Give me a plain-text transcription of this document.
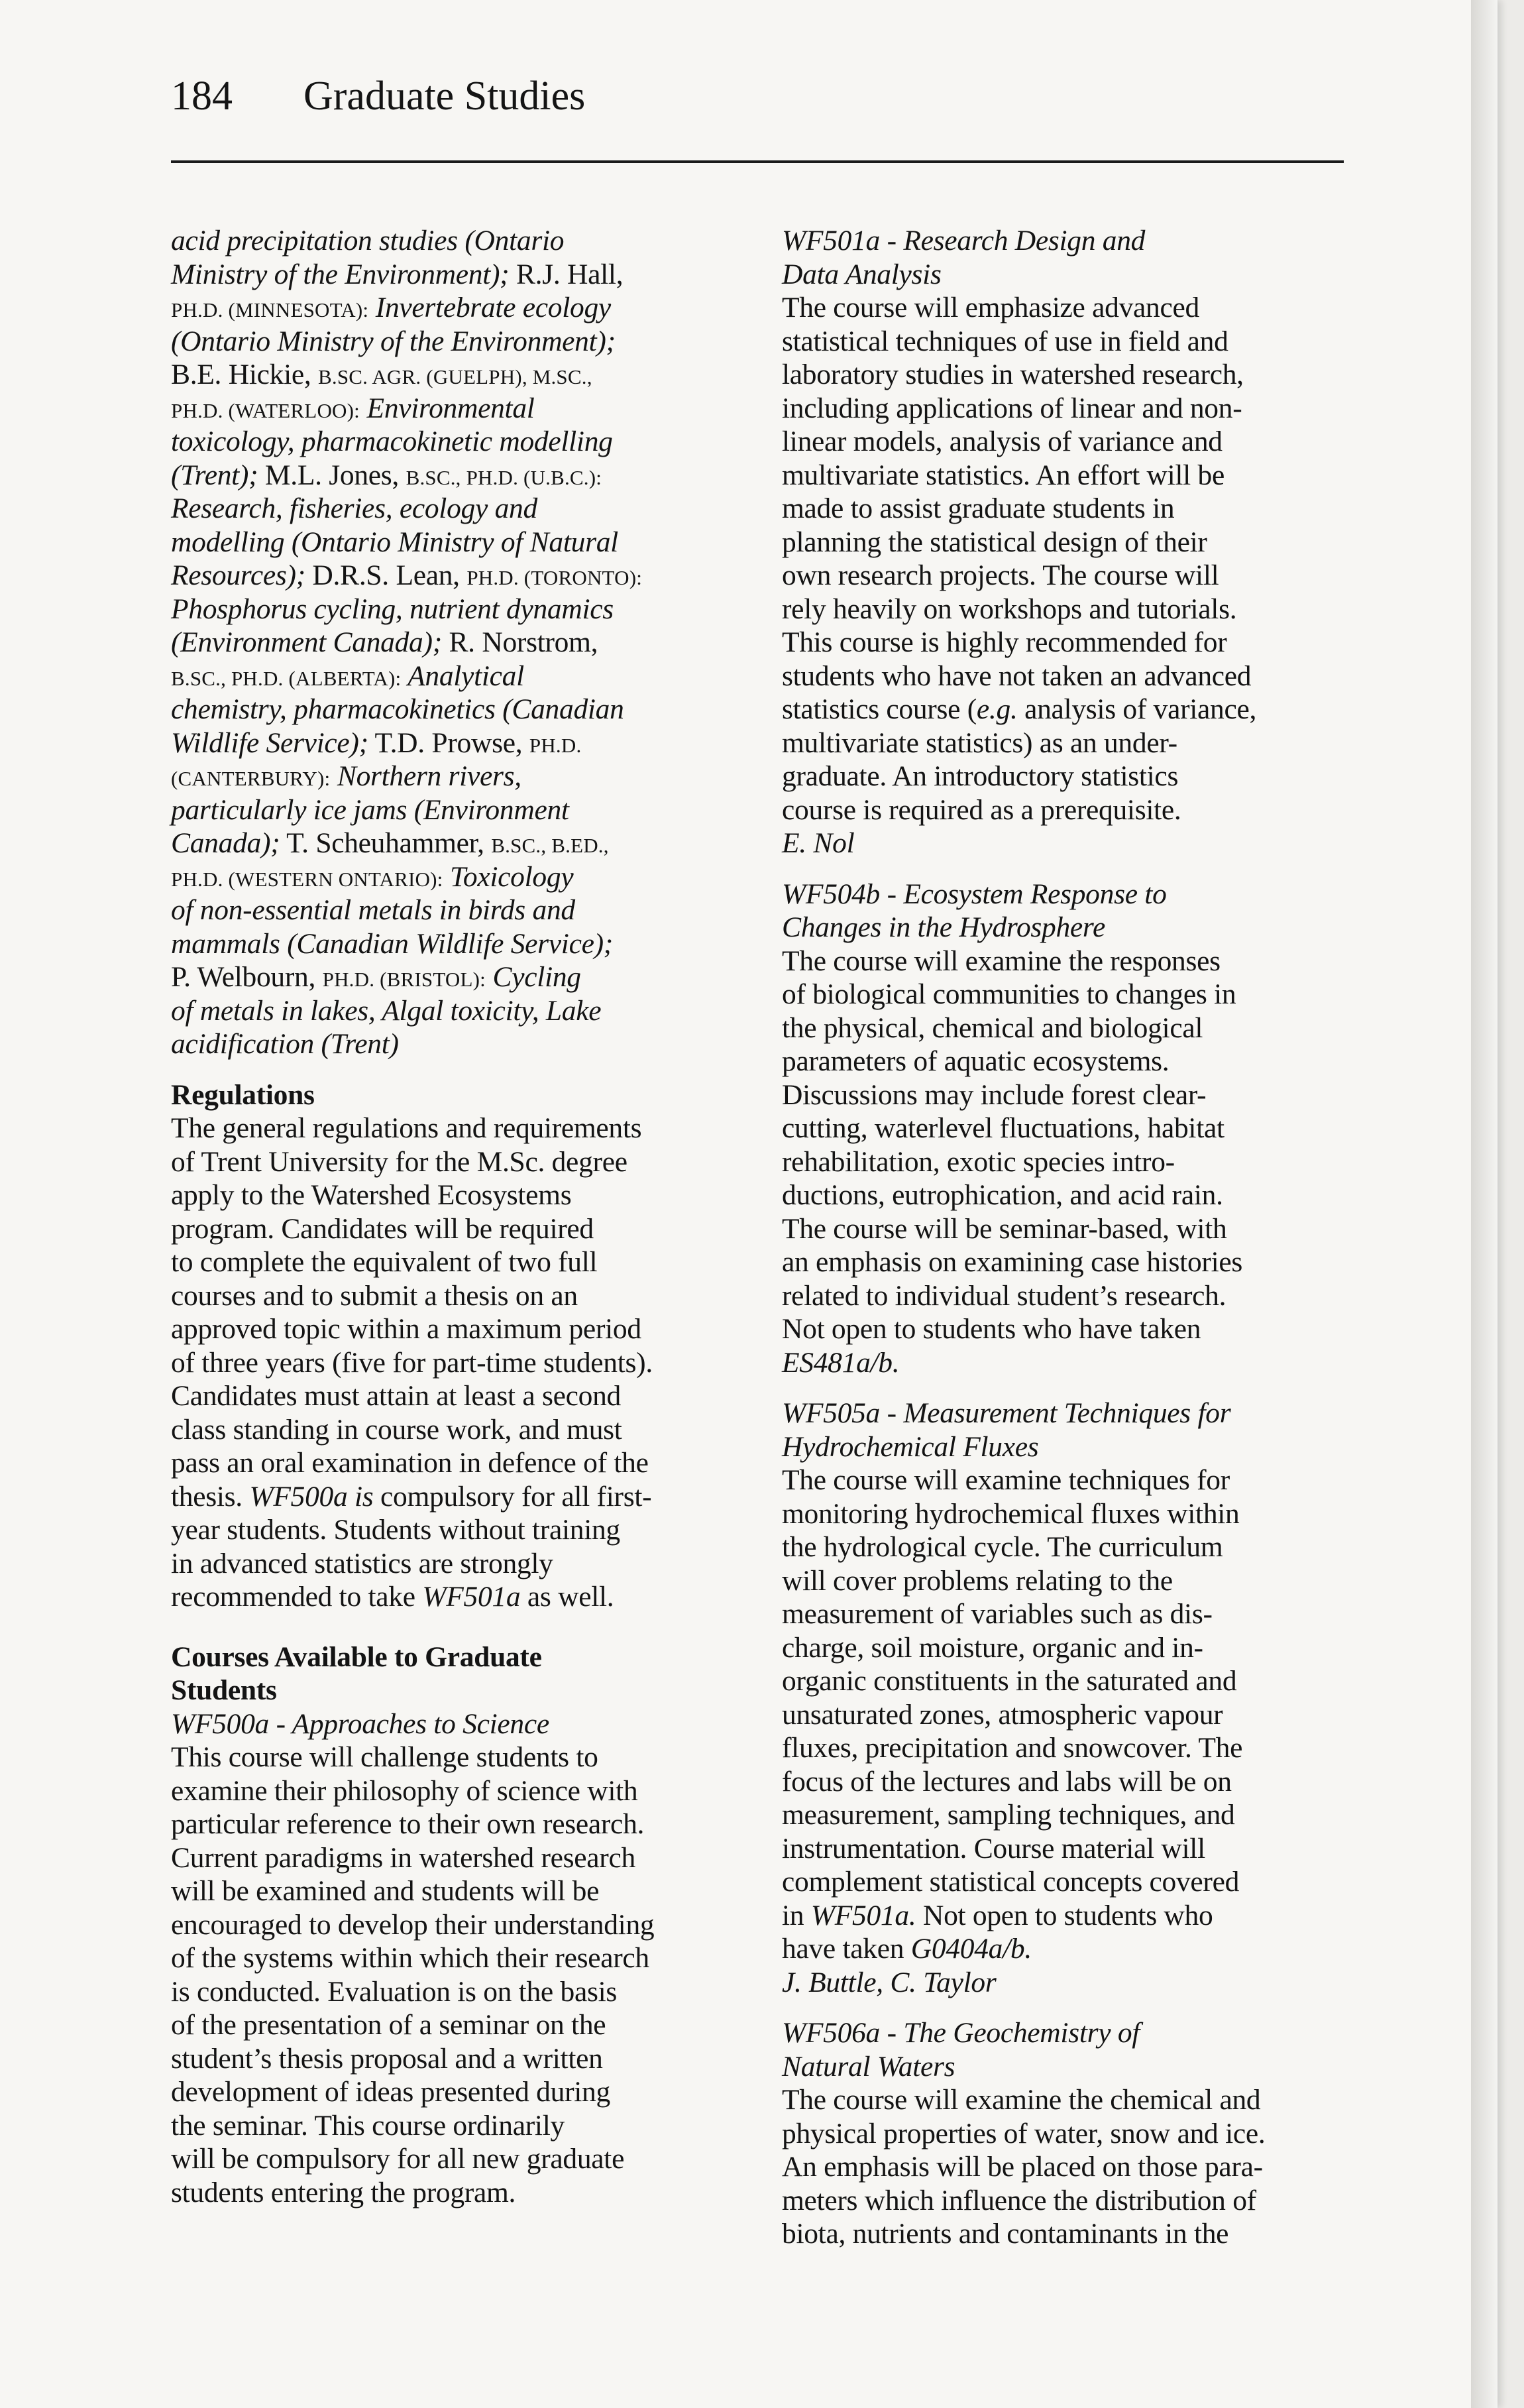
184 Graduate Studies
acid precipitation studies (Ontario
Ministry of the Environment); R.J. Hall,
PH.D. (MINNESOTA): Invertebrate ecology
(Ontario Ministry of the Environment);
B.E. Hickie, B.SC. AGR. (GUELPH), M.SC.,
PH.D. (WATERLOO): Environmental
toxicology, pharmacokinetic modelling
(Trent); M.L. Jones, B.SC., PH.D. (U.B.C.):
Research, fisheries, ecology and
modelling (Ontario Ministry of Natural
Resources); D.R.S. Lean, PH.D. (TORONTO):
Phosphorus cycling, nutrient dynamics
(Environment Canada); R. Norstrom,
B.SC., PH.D. (ALBERTA): Analytical
chemistry, pharmacokinetics (Canadian
Wildlife Service); T.D. Prowse, PH.D.
(CANTERBURY): Northern rivers,
particularly ice jams (Environment
Canada); T. Scheuhammer, B.SC., B.ED.,
PH.D. (WESTERN ONTARIO): Toxicology
of non-essential metals in birds and
mammals (Canadian Wildlife Service);
P. Welbourn, PH.D. (BRISTOL): Cycling
of metals in lakes, Algal toxicity, Lake
acidification (Trent)
Regulations
The general regulations and requirements
of Trent University for the M.Sc. degree
apply to the Watershed Ecosystems
program. Candidates will be required
to complete the equivalent of two full
courses and to submit a thesis on an
approved topic within a maximum period
of three years (five for part-time students).
Candidates must attain at least a second
class standing in course work, and must
pass an oral examination in defence of the
thesis. WF500a is compulsory for all first-
year students. Students without training
in advanced statistics are strongly
recommended to take WF501a as well.
Courses Available to Graduate
Students
WF500a - Approaches to Science
This course will challenge students to
examine their philosophy of science with
particular reference to their own research.
Current paradigms in watershed research
will be examined and students will be
encouraged to develop their understanding
of the systems within which their research
is conducted. Evaluation is on the basis
of the presentation of a seminar on the
student’s thesis proposal and a written
development of ideas presented during
the seminar. This course ordinarily
will be compulsory for all new graduate
students entering the program.
WF501a - Research Design and
Data Analysis
The course will emphasize advanced
statistical techniques of use in field and
laboratory studies in watershed research,
including applications of linear and non-
linear models, analysis of variance and
multivariate statistics. An effort will be
made to assist graduate students in
planning the statistical design of their
own research projects. The course will
rely heavily on workshops and tutorials.
This course is highly recommended for
students who have not taken an advanced
statistics course (e.g. analysis of variance,
multivariate statistics) as an under-
graduate. An introductory statistics
course is required as a prerequisite.
E. Nol
WF504b - Ecosystem Response to
Changes in the Hydrosphere
The course will examine the responses
of biological communities to changes in
the physical, chemical and biological
parameters of aquatic ecosystems.
Discussions may include forest clear-
cutting, waterlevel fluctuations, habitat
rehabilitation, exotic species intro-
ductions, eutrophication, and acid rain.
The course will be seminar-based, with
an emphasis on examining case histories
related to individual student’s research.
Not open to students who have taken
ES481a/b.
WF505a - Measurement Techniques for
Hydrochemical Fluxes
The course will examine techniques for
monitoring hydrochemical fluxes within
the hydrological cycle. The curriculum
will cover problems relating to the
measurement of variables such as dis-
charge, soil moisture, organic and in-
organic constituents in the saturated and
unsaturated zones, atmospheric vapour
fluxes, precipitation and snowcover. The
focus of the lectures and labs will be on
measurement, sampling techniques, and
instrumentation. Course material will
complement statistical concepts covered
in WF501a. Not open to students who
have taken G0404a/b.
J. Buttle, C. Taylor
WF506a - The Geochemistry of
Natural Waters
The course will examine the chemical and
physical properties of water, snow and ice.
An emphasis will be placed on those para-
meters which influence the distribution of
biota, nutrients and contaminants in the
